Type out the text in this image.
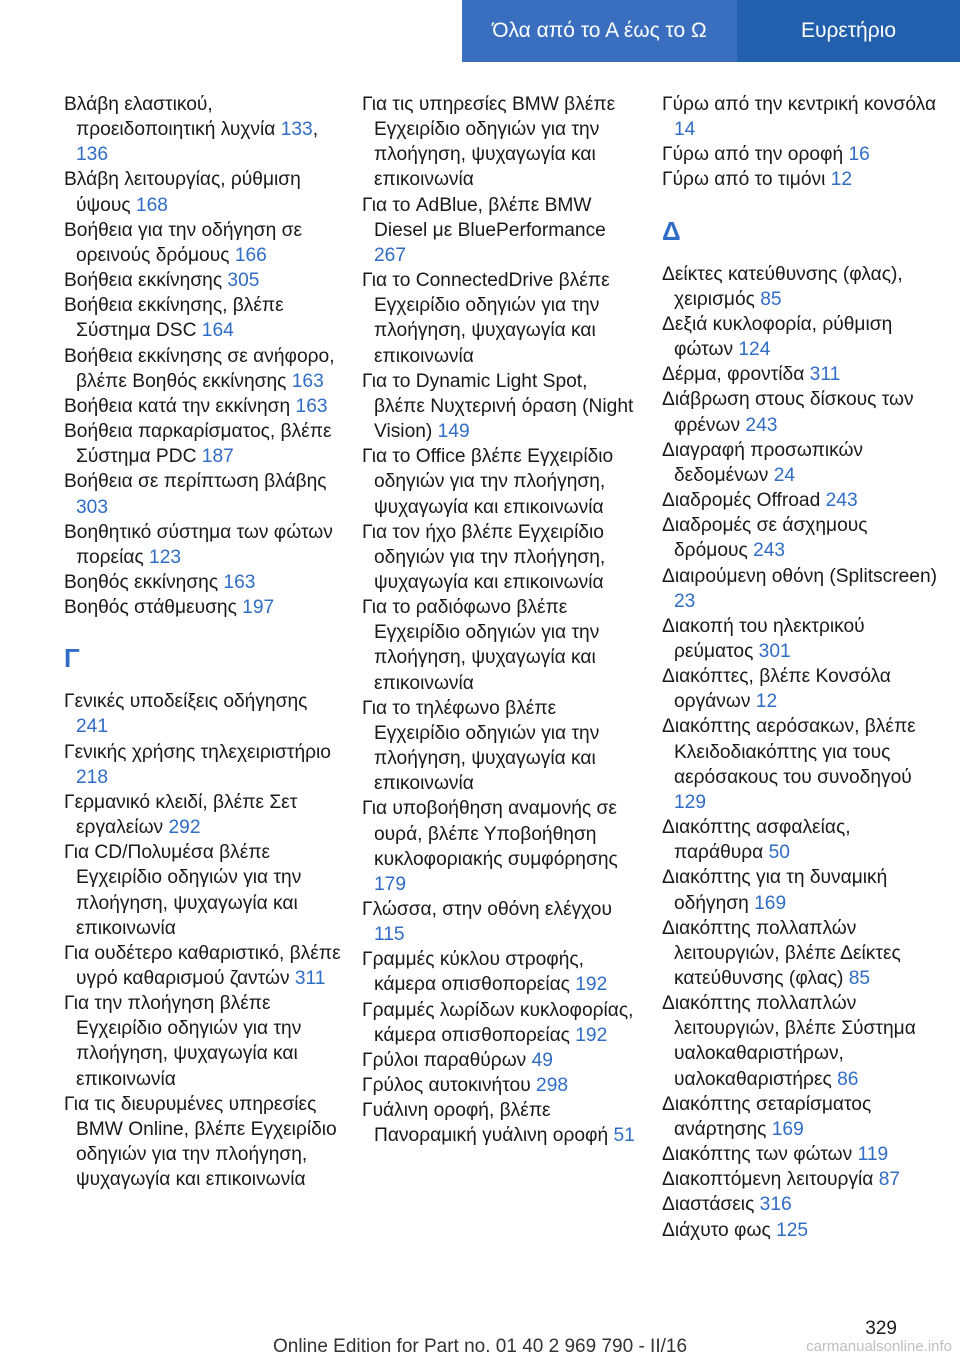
Όλα από το Α έως το Ω	Ευρετήριο
Βλάβη ελαστικού, προειδοποιητική λυχνία 133, 136
Βλάβη λειτουργίας, ρύθμιση ύψους 168
Βοήθεια για την οδήγηση σε ορεινούς δρόμους 166
Βοήθεια εκκίνησης 305
Βοήθεια εκκίνησης, βλέπε Σύστημα DSC 164
Βοήθεια εκκίνησης σε ανήφορο, βλέπε Βοηθός εκκίνησης 163
Βοήθεια κατά την εκκίνηση 163
Βοήθεια παρκαρίσματος, βλέπε Σύστημα PDC 187
Βοήθεια σε περίπτωση βλάβης 303
Βοηθητικό σύστημα των φώτων πορείας 123
Βοηθός εκκίνησης 163
Βοηθός στάθμευσης 197
Γ
Γενικές υποδείξεις οδήγησης 241
Γενικής χρήσης τηλεχειριστήριο 218
Γερμανικό κλειδί, βλέπε Σετ εργαλείων 292
Για CD/Πολυμέσα βλέπε Εγχειρίδιο οδηγιών για την πλοήγηση, ψυχαγωγία και επικοινωνία
Για ουδέτερο καθαριστικό, βλέπε υγρό καθαρισμού ζαντών 311
Για την πλοήγηση βλέπε Εγχειρίδιο οδηγιών για την πλοήγηση, ψυχαγωγία και επικοινωνία
Για τις διευρυμένες υπηρεσίες BMW Online, βλέπε Εγχειρίδιο οδηγιών για την πλοήγηση, ψυχαγωγία και επικοινωνία
Για τις υπηρεσίες BMW βλέπε Εγχειρίδιο οδηγιών για την πλοήγηση, ψυχαγωγία και επικοινωνία
Για το AdBlue, βλέπε BMW Diesel με BluePerformance 267
Για το ConnectedDrive βλέπε Εγχειρίδιο οδηγιών για την πλοήγηση, ψυχαγωγία και επικοινωνία
Για το Dynamic Light Spot, βλέπε Νυχτερινή όραση (Night Vision) 149
Για το Office βλέπε Εγχειρίδιο οδηγιών για την πλοήγηση, ψυχαγωγία και επικοινωνία
Για τον ήχο βλέπε Εγχειρίδιο οδηγιών για την πλοήγηση, ψυχαγωγία και επικοινωνία
Για το ραδιόφωνο βλέπε Εγχειρίδιο οδηγιών για την πλοήγηση, ψυχαγωγία και επικοινωνία
Για το τηλέφωνο βλέπε Εγχειρίδιο οδηγιών για την πλοήγηση, ψυχαγωγία και επικοινωνία
Για υποβοήθηση αναμονής σε ουρά, βλέπε Υποβοήθηση κυκλοφοριακής συμφόρησης 179
Γλώσσα, στην οθόνη ελέγχου 115
Γραμμές κύκλου στροφής, κάμερα οπισθοπορείας 192
Γραμμές λωρίδων κυκλοφορίας, κάμερα οπισθοπορείας 192
Γρύλοι παραθύρων 49
Γρύλος αυτοκινήτου 298
Γυάλινη οροφή, βλέπε Πανοραμική γυάλινη οροφή 51
Γύρω από την κεντρική κονσόλα 14
Γύρω από την οροφή 16
Γύρω από το τιμόνι 12
Δ
Δείκτες κατεύθυνσης (φλας), χειρισμός 85
Δεξιά κυκλοφορία, ρύθμιση φώτων 124
Δέρμα, φροντίδα 311
Διάβρωση στους δίσκους των φρένων 243
Διαγραφή προσωπικών δεδομένων 24
Διαδρομές Offroad 243
Διαδρομές σε άσχημους δρόμους 243
Διαιρούμενη οθόνη (Splitscreen) 23
Διακοπή του ηλεκτρικού ρεύματος 301
Διακόπτες, βλέπε Κονσόλα οργάνων 12
Διακόπτης αερόσακων, βλέπε Κλειδοδιακόπτης για τους αερόσακους του συνοδηγού 129
Διακόπτης ασφαλείας, παράθυρα 50
Διακόπτης για τη δυναμική οδήγηση 169
Διακόπτης πολλαπλών λειτουργιών, βλέπε Δείκτες κατεύθυνσης (φλας) 85
Διακόπτης πολλαπλών λειτουργιών, βλέπε Σύστημα υαλοκαθαριστήρων, υαλοκαθαριστήρες 86
Διακόπτης σεταρίσματος ανάρτησης 169
Διακόπτης των φώτων 119
Διακοπτόμενη λειτουργία 87
Διαστάσεις 316
Διάχυτο φως 125
329
Online Edition for Part no. 01 40 2 969 790 - II/16	carmanualsonline.info
